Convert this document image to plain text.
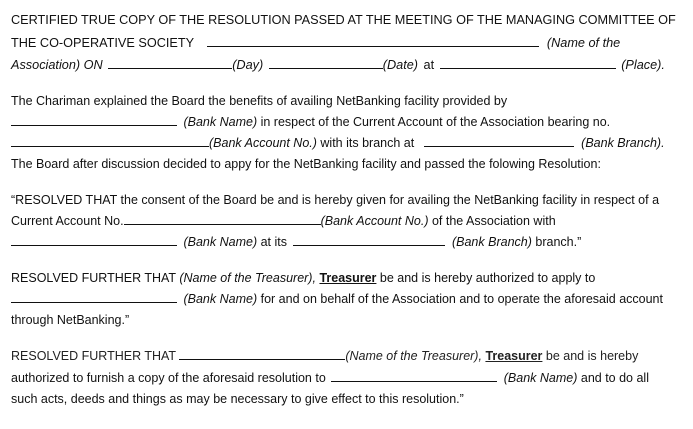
CERTIFIED TRUE COPY OF THE RESOLUTION PASSED AT THE MEETING OF THE MANAGING COMMITTEE OF
THE CO-OPERATIVE SOCIETY	(Name of the
Association) ON	(Day)	(Date) at	(Place).
The Chariman explained the Board the benefits of availing NetBanking facility provided by
(Bank Name) in respect of the Current Account of the Association bearing no.
(Bank Account No.) with its branch at	(Bank Branch).
The Board after discussion decided to appy for the NetBanking facility and passed the folowing Resolution:
“RESOLVED THAT the consent of the Board be and is hereby given for availing the NetBanking facility in respect of a
Current Account No.	(Bank Account No.) of the Association with
(Bank Name) at its	(Bank Branch) branch.”
RESOLVED FURTHER THAT (Name of the Treasurer), Treasurer be and is hereby authorized to apply to
(Bank Name) for and on behalf of the Association and to operate the aforesaid account
through NetBanking.”
RESOLVED FURTHER THAT	(Name of the Treasurer), Treasurer be and is hereby
authorized to furnish a copy of the aforesaid resolution to	(Bank Name) and to do all
such acts, deeds and things as may be necessary to give effect to this resolution.”
